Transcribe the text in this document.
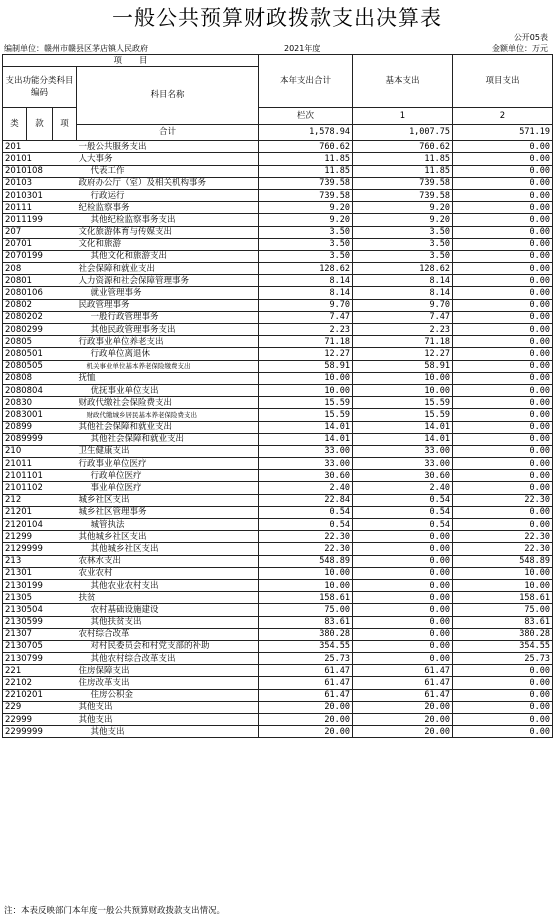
一般公共预算财政拨款支出决算表
公开05表
编制单位：赣州市赣县区茅店镇人民政府	2021年度	金额单位：万元
项　　目				本年支出合计	基本支出	项目支出	
支出功能分类科目编码			科目名称				
类	款	项					
				栏次	1	2	
			合计	1,578.94	1,007.75	571.19	
201			一般公共服务支出	760.62	760.62	0.00	
20101			人大事务	11.85	11.85	0.00	
2010108			代表工作	11.85	11.85	0.00	
20103			政府办公厅（室）及相关机构事务	739.58	739.58	0.00	
2010301			行政运行	739.58	739.58	0.00	
20111			纪检监察事务	9.20	9.20	0.00	
2011199			其他纪检监察事务支出	9.20	9.20	0.00	
207			文化旅游体育与传媒支出	3.50	3.50	0.00	
20701			文化和旅游	3.50	3.50	0.00	
2070199			其他文化和旅游支出	3.50	3.50	0.00	
208			社会保障和就业支出	128.62	128.62	0.00	
20801			人力资源和社会保障管理事务	8.14	8.14	0.00	
2080106			就业管理事务	8.14	8.14	0.00	
20802			民政管理事务	9.70	9.70	0.00	
2080202			一般行政管理事务	7.47	7.47	0.00	
2080299			其他民政管理事务支出	2.23	2.23	0.00	
20805			行政事业单位养老支出	71.18	71.18	0.00	
2080501			行政单位离退休	12.27	12.27	0.00	
2080505			机关事业单位基本养老保险缴费支出	58.91	58.91	0.00	
20808			抚恤	10.00	10.00	0.00	
2080804			优抚事业单位支出	10.00	10.00	0.00	
20830			财政代缴社会保险费支出	15.59	15.59	0.00	
2083001			财政代缴城乡居民基本养老保险费支出	15.59	15.59	0.00	
20899			其他社会保障和就业支出	14.01	14.01	0.00	
2089999			其他社会保障和就业支出	14.01	14.01	0.00	
210			卫生健康支出	33.00	33.00	0.00	
21011			行政事业单位医疗	33.00	33.00	0.00	
2101101			行政单位医疗	30.60	30.60	0.00	
2101102			事业单位医疗	2.40	2.40	0.00	
212			城乡社区支出	22.84	0.54	22.30	
21201			城乡社区管理事务	0.54	0.54	0.00	
2120104			城管执法	0.54	0.54	0.00	
21299			其他城乡社区支出	22.30	0.00	22.30	
2129999			其他城乡社区支出	22.30	0.00	22.30	
213			农林水支出	548.89	0.00	548.89	
21301			农业农村	10.00	0.00	10.00	
2130199			其他农业农村支出	10.00	0.00	10.00	
21305			扶贫	158.61	0.00	158.61	
2130504			农村基础设施建设	75.00	0.00	75.00	
2130599			其他扶贫支出	83.61	0.00	83.61	
21307			农村综合改革	380.28	0.00	380.28	
2130705			对村民委员会和村党支部的补助	354.55	0.00	354.55	
2130799			其他农村综合改革支出	25.73	0.00	25.73	
221			住房保障支出	61.47	61.47	0.00	
22102			住房改革支出	61.47	61.47	0.00	
2210201			住房公积金	61.47	61.47	0.00	
229			其他支出	20.00	20.00	0.00	
22999			其他支出	20.00	20.00	0.00	
2299999			其他支出	20.00	20.00	0.00	
注：本表反映部门本年度一般公共预算财政拨款支出情况。
